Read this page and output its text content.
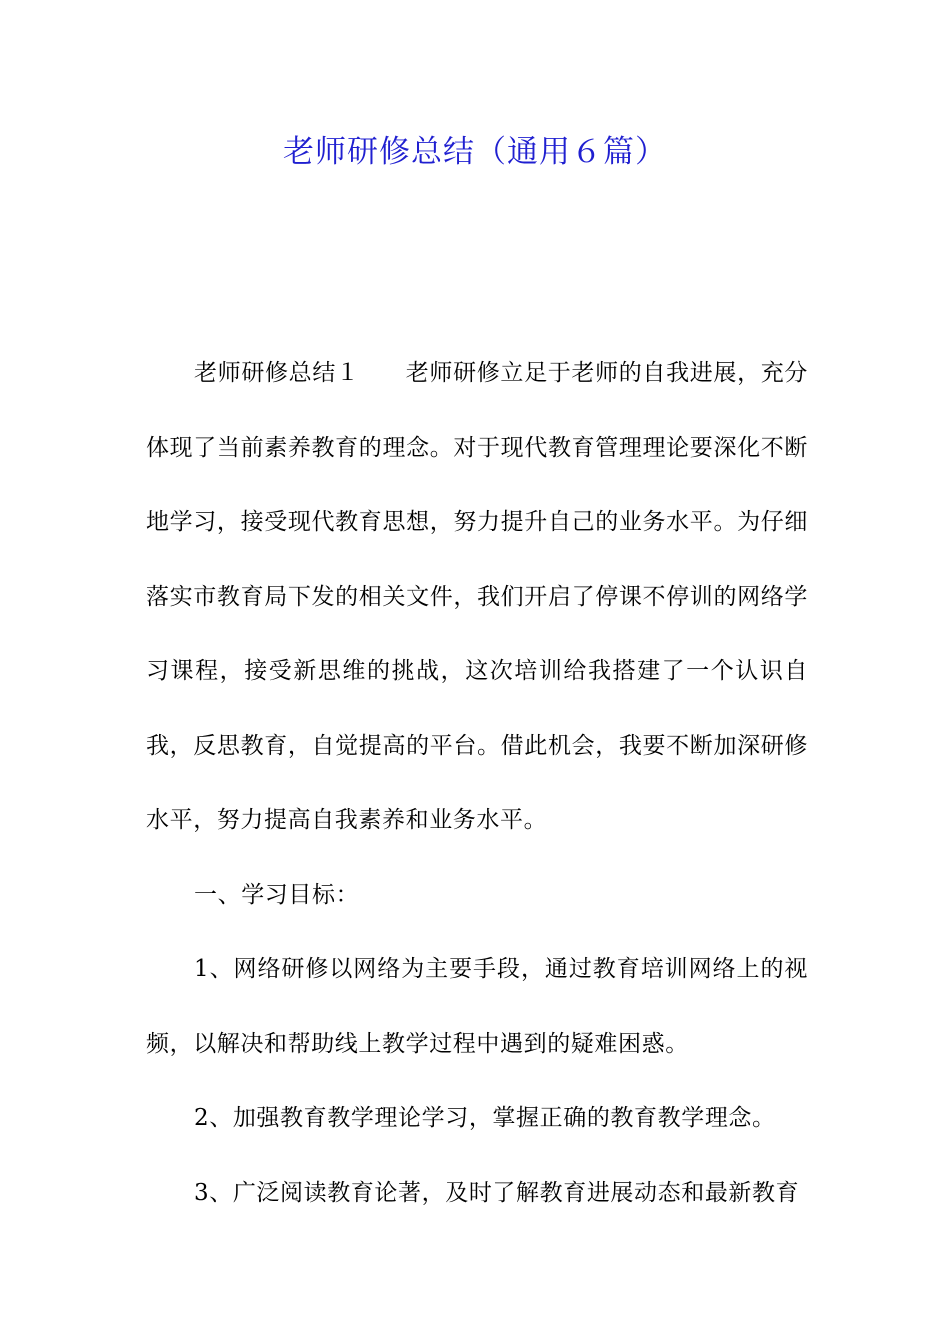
老师研修总结（通用６篇）

老师研修总结１ 老师研修立足于老师的自我进展，充分体现了当前素养教育的理念。对于现代教育管理理论要深化不断地学习，接受现代教育思想，努力提升自己的业务水平。为仔细落实市教育局下发的相关文件，我们开启了停课不停训的网络学习课程，接受新思维的挑战，这次培训给我搭建了一个认识自我，反思教育，自觉提高的平台。借此机会，我要不断加深研修水平，努力提高自我素养和业务水平。

一、学习目标：

1、网络研修以网络为主要手段，通过教育培训网络上的视频，以解决和帮助线上教学过程中遇到的疑难困惑。

2、加强教育教学理论学习，掌握正确的教育教学理念。

3、广泛阅读教育论著，及时了解教育进展动态和最新教育
